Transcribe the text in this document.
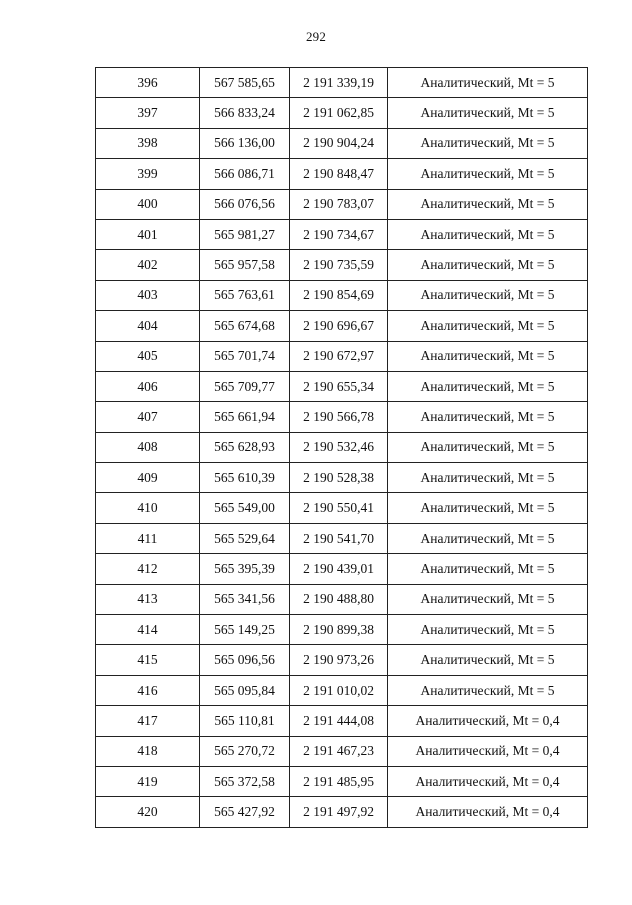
292
396	567 585,65	2 191 339,19	Аналитический, Mt = 5
397	566 833,24	2 191 062,85	Аналитический, Mt = 5
398	566 136,00	2 190 904,24	Аналитический, Mt = 5
399	566 086,71	2 190 848,47	Аналитический, Mt = 5
400	566 076,56	2 190 783,07	Аналитический, Mt = 5
401	565 981,27	2 190 734,67	Аналитический, Mt = 5
402	565 957,58	2 190 735,59	Аналитический, Mt = 5
403	565 763,61	2 190 854,69	Аналитический, Mt = 5
404	565 674,68	2 190 696,67	Аналитический, Mt = 5
405	565 701,74	2 190 672,97	Аналитический, Mt = 5
406	565 709,77	2 190 655,34	Аналитический, Mt = 5
407	565 661,94	2 190 566,78	Аналитический, Mt = 5
408	565 628,93	2 190 532,46	Аналитический, Mt = 5
409	565 610,39	2 190 528,38	Аналитический, Mt = 5
410	565 549,00	2 190 550,41	Аналитический, Mt = 5
411	565 529,64	2 190 541,70	Аналитический, Mt = 5
412	565 395,39	2 190 439,01	Аналитический, Mt = 5
413	565 341,56	2 190 488,80	Аналитический, Mt = 5
414	565 149,25	2 190 899,38	Аналитический, Mt = 5
415	565 096,56	2 190 973,26	Аналитический, Mt = 5
416	565 095,84	2 191 010,02	Аналитический, Mt = 5
417	565 110,81	2 191 444,08	Аналитический, Mt = 0,4
418	565 270,72	2 191 467,23	Аналитический, Mt = 0,4
419	565 372,58	2 191 485,95	Аналитический, Mt = 0,4
420	565 427,92	2 191 497,92	Аналитический, Mt = 0,4
